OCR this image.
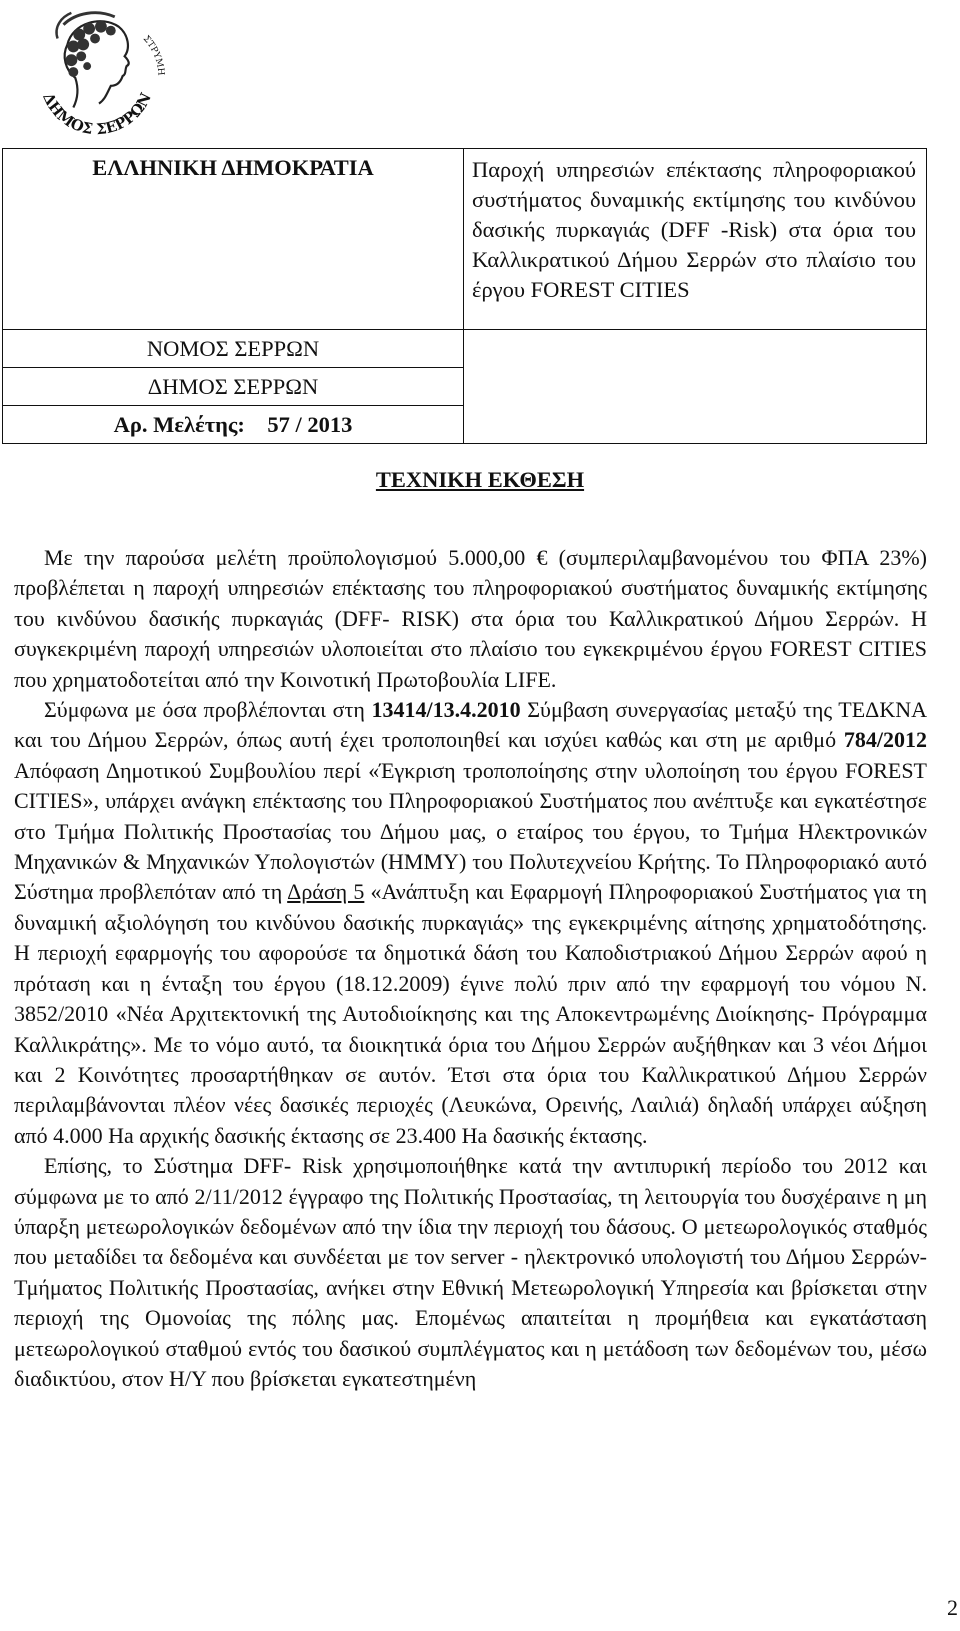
ΔΗΜΟΣ ΣΕΡΡΩΝ
ΣΤΡΥΜΗ
ΕΛΛΗΝΙΚΗ ΔΗΜΟΚΡΑΤΙΑ	Παροχή υπηρεσιών επέκτασης πληροφοριακού συστήματος δυναμικής εκτίμησης του κινδύνου δασικής πυρκαγιάς (DFF -Risk) στα όρια του Καλλικρατικού Δήμου Σερρών στο πλαίσιο του έργου FOREST CITIES
ΝΟΜΟΣ ΣΕΡΡΩΝ	
ΔΗΜΟΣ ΣΕΡΡΩΝ	
Αρ. Μελέτης: 57 / 2013	
ΤΕΧΝΙΚΗ ΕΚΘΕΣΗ

Με την παρούσα μελέτη προϋπολογισμού 5.000,00 € (συμπεριλαμβανομένου του ΦΠΑ 23%) προβλέπεται η παροχή υπηρεσιών επέκτασης του πληροφοριακού συστήματος δυναμικής εκτίμησης του κινδύνου δασικής πυρκαγιάς (DFF- RISK) στα όρια του Καλλικρατικού Δήμου Σερρών. Η συγκεκριμένη παροχή υπηρεσιών υλοποιείται στο πλαίσιο του εγκεκριμένου έργου FOREST CITIES που χρηματοδοτείται από την Κοινοτική Πρωτοβουλία LIFE.

Σύμφωνα με όσα προβλέπονται στη 13414/13.4.2010 Σύμβαση συνεργασίας μεταξύ της ΤΕΔΚΝΑ και του Δήμου Σερρών, όπως αυτή έχει τροποποιηθεί και ισχύει καθώς και στη με αριθμό 784/2012 Απόφαση Δημοτικού Συμβουλίου περί «Έγκριση τροποποίησης στην υλοποίηση του έργου FOREST CITIES», υπάρχει ανάγκη επέκτασης του Πληροφοριακού Συστήματος που ανέπτυξε και εγκατέστησε στο Τμήμα Πολιτικής Προστασίας του Δήμου μας, ο εταίρος του έργου, το Τμήμα Ηλεκτρονικών Μηχανικών & Μηχανικών Υπολογιστών (ΗΜΜΥ) του Πολυτεχνείου Κρήτης. Το Πληροφοριακό αυτό Σύστημα προβλεπόταν από τη Δράση 5 «Ανάπτυξη και Εφαρμογή Πληροφοριακού Συστήματος για τη δυναμική αξιολόγηση του κινδύνου δασικής πυρκαγιάς» της εγκεκριμένης αίτησης χρηματοδότησης. Η περιοχή εφαρμογής του αφορούσε τα δημοτικά δάση του Καποδιστριακού Δήμου Σερρών αφού η πρόταση και η ένταξη του έργου (18.12.2009) έγινε πολύ πριν από την εφαρμογή του νόμου Ν. 3852/2010 «Νέα Αρχιτεκτονική της Αυτοδιοίκησης και της Αποκεντρωμένης Διοίκησης- Πρόγραμμα Καλλικράτης». Με το νόμο αυτό, τα διοικητικά όρια του Δήμου Σερρών αυξήθηκαν και 3 νέοι Δήμοι και 2 Κοινότητες προσαρτήθηκαν σε αυτόν. Έτσι στα όρια του Καλλικρατικού Δήμου Σερρών περιλαμβάνονται πλέον νέες δασικές περιοχές (Λευκώνα, Ορεινής, Λαιλιά) δηλαδή υπάρχει αύξηση από 4.000 Ha αρχικής δασικής έκτασης σε 23.400 Ha δασικής έκτασης.

Επίσης, το Σύστημα DFF- Risk χρησιμοποιήθηκε κατά την αντιπυρική περίοδο του 2012 και σύμφωνα με το από 2/11/2012 έγγραφο της Πολιτικής Προστασίας, τη λειτουργία του δυσχέραινε η μη ύπαρξη μετεωρολογικών δεδομένων από την ίδια την περιοχή του δάσους. Ο μετεωρολογικός σταθμός που μεταδίδει τα δεδομένα και συνδέεται με τον server - ηλεκτρονικό υπολογιστή του Δήμου Σερρών-Τμήματος Πολιτικής Προστασίας, ανήκει στην Εθνική Μετεωρολογική Υπηρεσία και βρίσκεται στην περιοχή της Ομονοίας της πόλης μας. Επομένως απαιτείται η προμήθεια και εγκατάσταση μετεωρολογικού σταθμού εντός του δασικού συμπλέγματος και η μετάδοση των δεδομένων του, μέσω διαδικτύου, στον Η/Υ που βρίσκεται εγκατεστημένη

2
